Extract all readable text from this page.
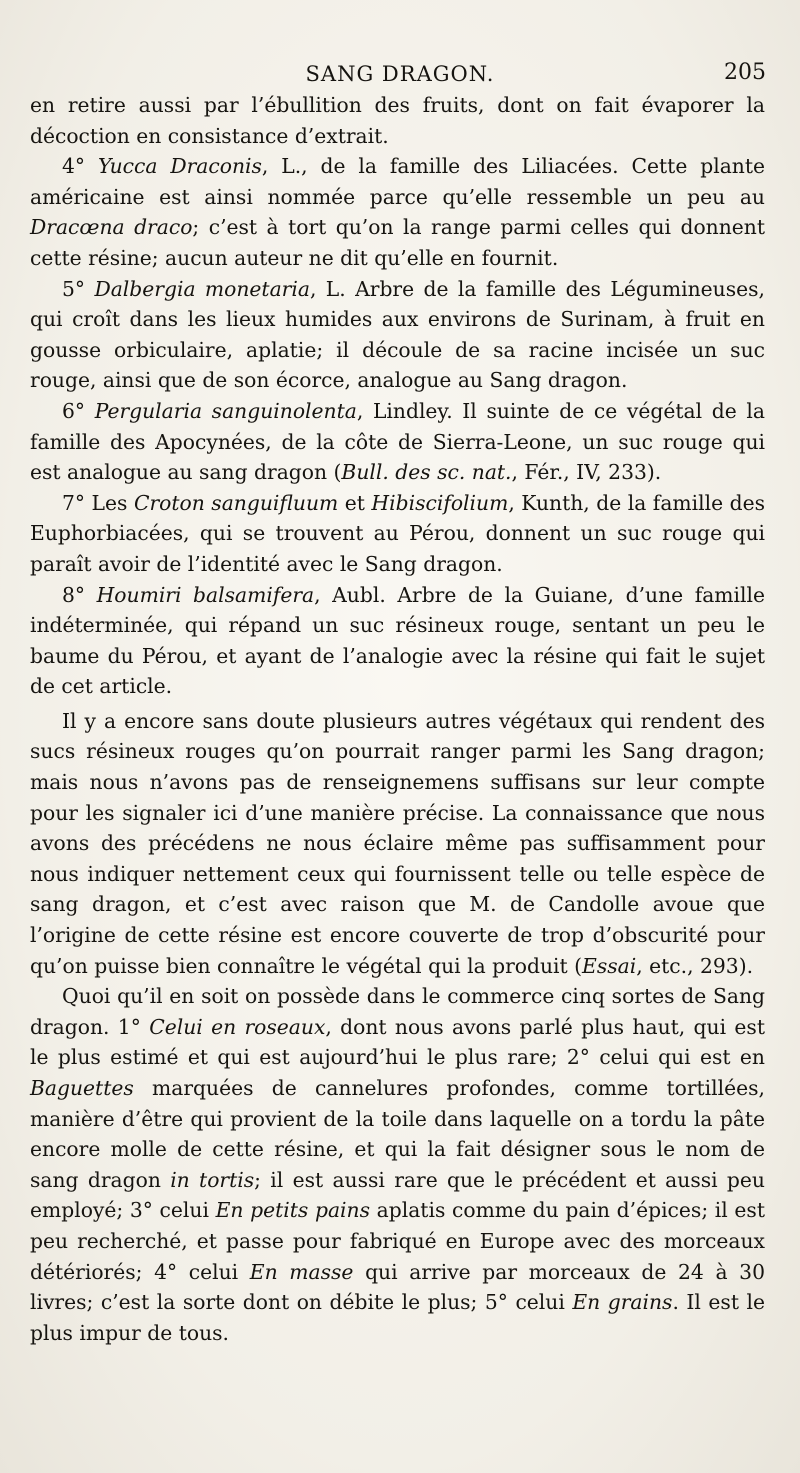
SANG DRAGON.	205

en retire aussi par l’ébullition des fruits, dont on fait évaporer la décoction en consistance d’extrait.

4° Yucca Draconis, L., de la famille des Liliacées. Cette plante américaine est ainsi nommée parce qu’elle ressemble un peu au Dracœna draco; c’est à tort qu’on la range parmi celles qui donnent cette résine; aucun auteur ne dit qu’elle en fournit.

5° Dalbergia monetaria, L. Arbre de la famille des Légumineuses, qui croît dans les lieux humides aux environs de Surinam, à fruit en gousse orbiculaire, aplatie; il découle de sa racine incisée un suc rouge, ainsi que de son écorce, analogue au Sang dragon.

6° Pergularia sanguinolenta, Lindley. Il suinte de ce végétal de la famille des Apocynées, de la côte de Sierra-Leone, un suc rouge qui est analogue au sang dragon (Bull. des sc. nat., Fér., IV, 233).

7° Les Croton sanguifluum et Hibiscifolium, Kunth, de la famille des Euphorbiacées, qui se trouvent au Pérou, donnent un suc rouge qui paraît avoir de l’identité avec le Sang dragon.

8° Houmiri balsamifera, Aubl. Arbre de la Guiane, d’une famille indéterminée, qui répand un suc résineux rouge, sentant un peu le baume du Pérou, et ayant de l’analogie avec la résine qui fait le sujet de cet article.

Il y a encore sans doute plusieurs autres végétaux qui rendent des sucs résineux rouges qu’on pourrait ranger parmi les Sang dragon; mais nous n’avons pas de renseignemens suffisans sur leur compte pour les signaler ici d’une manière précise. La connaissance que nous avons des précédens ne nous éclaire même pas suffisamment pour nous indiquer nettement ceux qui fournissent telle ou telle espèce de sang dragon, et c’est avec raison que M. de Candolle avoue que l’origine de cette résine est encore couverte de trop d’obscurité pour qu’on puisse bien connaître le végétal qui la produit (Essai, etc., 293).

Quoi qu’il en soit on possède dans le commerce cinq sortes de Sang dragon. 1° Celui en roseaux, dont nous avons parlé plus haut, qui est le plus estimé et qui est aujourd’hui le plus rare; 2° celui qui est en Baguettes marquées de cannelures profondes, comme tortillées, manière d’être qui provient de la toile dans laquelle on a tordu la pâte encore molle de cette résine, et qui la fait désigner sous le nom de sang dragon in tortis; il est aussi rare que le précédent et aussi peu employé; 3° celui En petits pains aplatis comme du pain d’épices; il est peu recherché, et passe pour fabriqué en Europe avec des morceaux détériorés; 4° celui En masse qui arrive par morceaux de 24 à 30 livres; c’est la sorte dont on débite le plus; 5° celui En grains. Il est le plus impur de tous.
